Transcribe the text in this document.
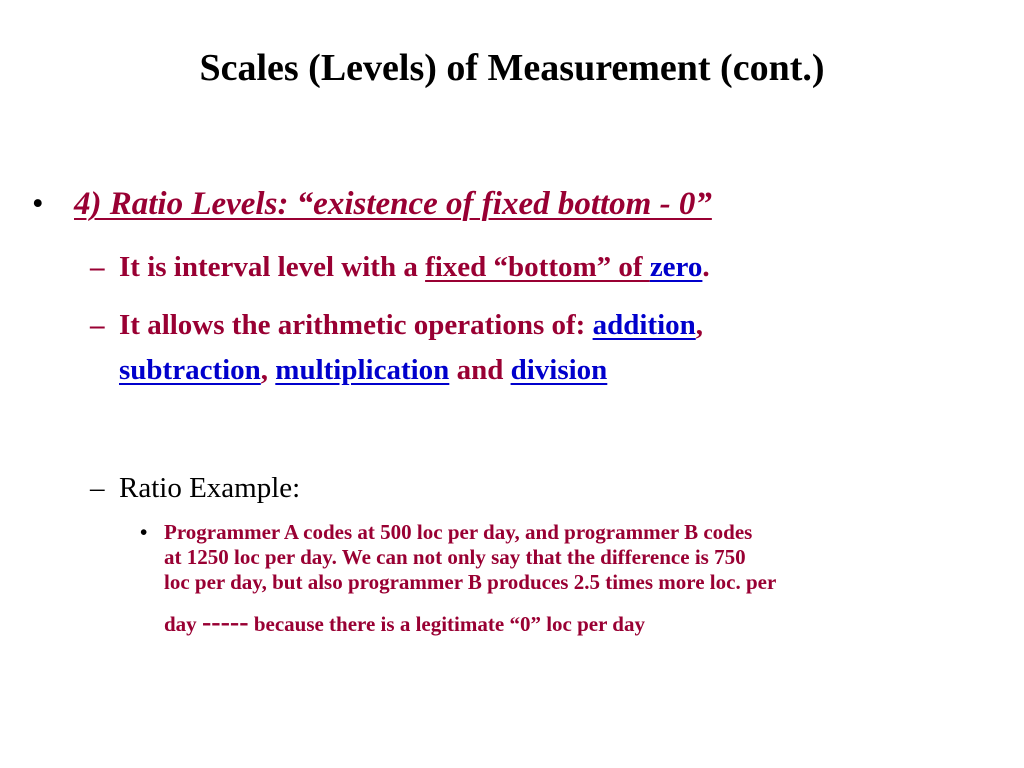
Scales (Levels) of Measurement (cont.)
• 4) Ratio Levels: “existence of fixed bottom - 0”
– It is interval level with a fixed “bottom” of zero.
– It allows the arithmetic operations of: addition,
subtraction, multiplication and division
– Ratio Example:
• Programmer A codes at 500 loc per day, and programmer B codes
at 1250 loc per day. We can not only say that the difference is 750
loc per day, but also programmer B produces 2.5 times more loc. per
day ----- because there is a legitimate “0” loc per day
